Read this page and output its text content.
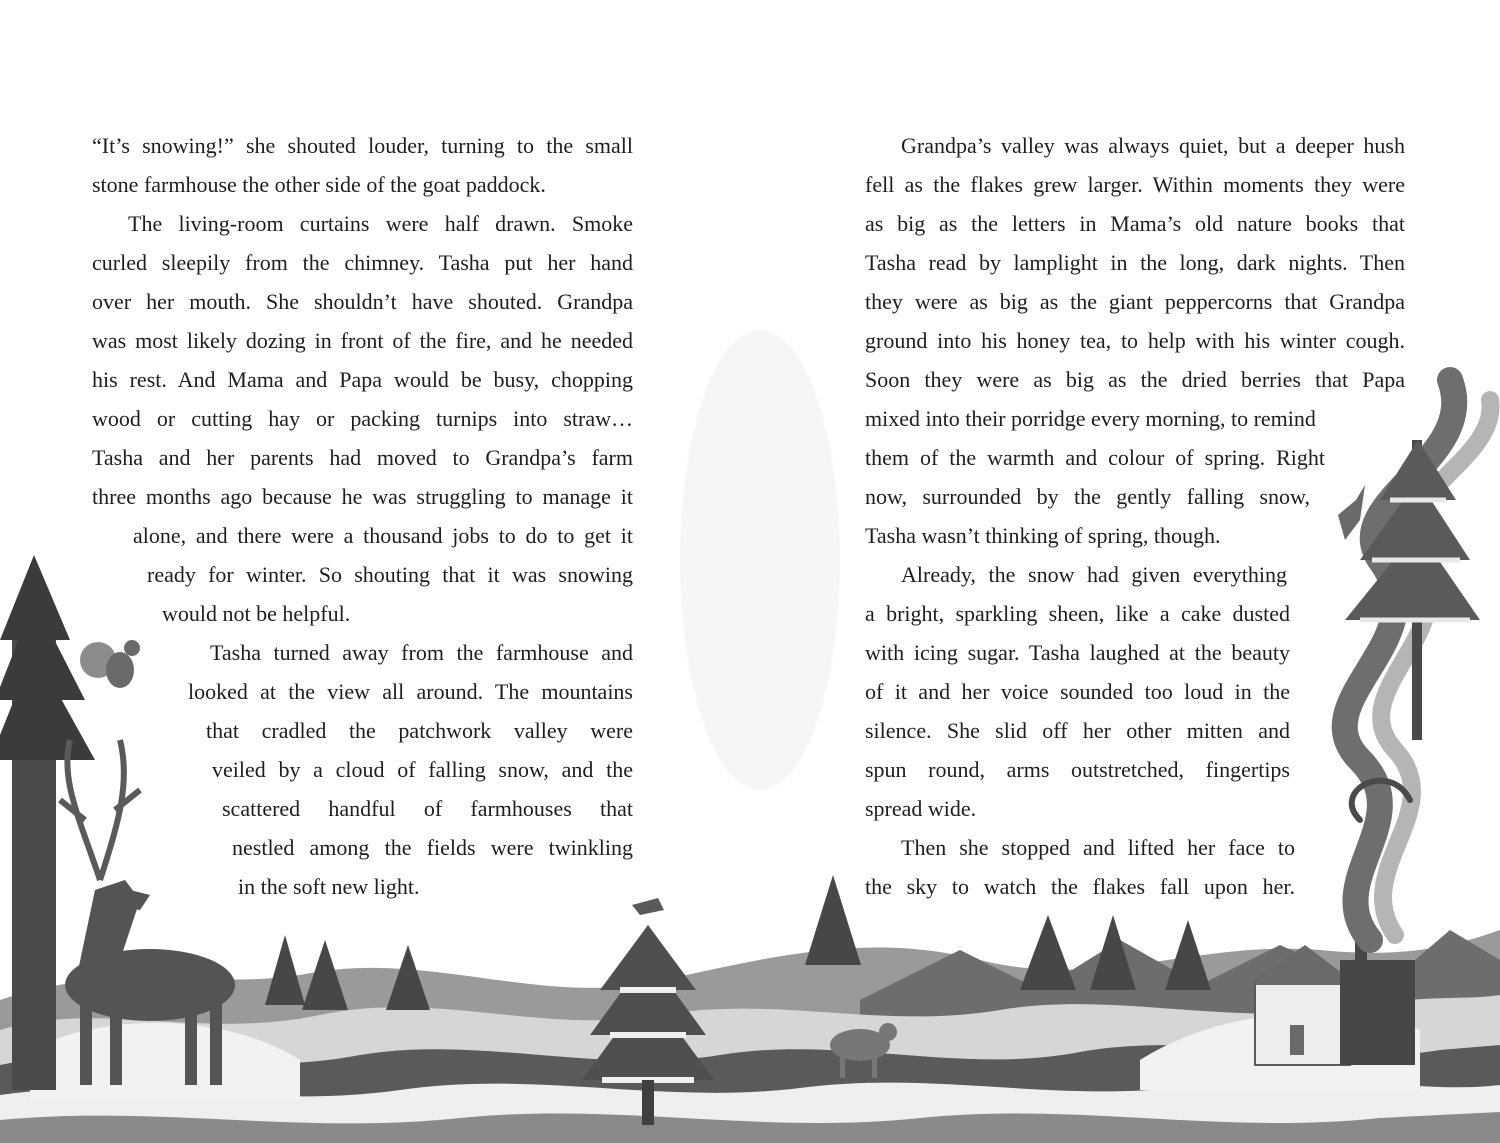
“It’s snowing!” she shouted louder, turning to the small
stone farmhouse the other side of the goat paddock.
The living-room curtains were half drawn. Smoke
curled sleepily from the chimney. Tasha put her hand
over her mouth. She shouldn’t have shouted. Grandpa
was most likely dozing in front of the fire, and he needed
his rest. And Mama and Papa would be busy, chopping
wood or cutting hay or packing turnips into straw…
Tasha and her parents had moved to Grandpa’s farm
three months ago because he was struggling to manage it
alone, and there were a thousand jobs to do to get it
ready for winter. So shouting that it was snowing
would not be helpful.
Tasha turned away from the farmhouse and
looked at the view all around. The mountains
that cradled the patchwork valley were
veiled by a cloud of falling snow, and the
scattered handful of farmhouses that
nestled among the fields were twinkling
in the soft new light.
Grandpa’s valley was always quiet, but a deeper hush
fell as the flakes grew larger. Within moments they were
as big as the letters in Mama’s old nature books that
Tasha read by lamplight in the long, dark nights. Then
they were as big as the giant peppercorns that Grandpa
ground into his honey tea, to help with his winter cough.
Soon they were as big as the dried berries that Papa
mixed into their porridge every morning, to remind
them of the warmth and colour of spring. Right
now, surrounded by the gently falling snow,
Tasha wasn’t thinking of spring, though.
Already, the snow had given everything
a bright, sparkling sheen, like a cake dusted
with icing sugar. Tasha laughed at the beauty
of it and her voice sounded too loud in the
silence. She slid off her other mitten and
spun round, arms outstretched, fingertips
spread wide.
Then she stopped and lifted her face to
the sky to watch the flakes fall upon her.
